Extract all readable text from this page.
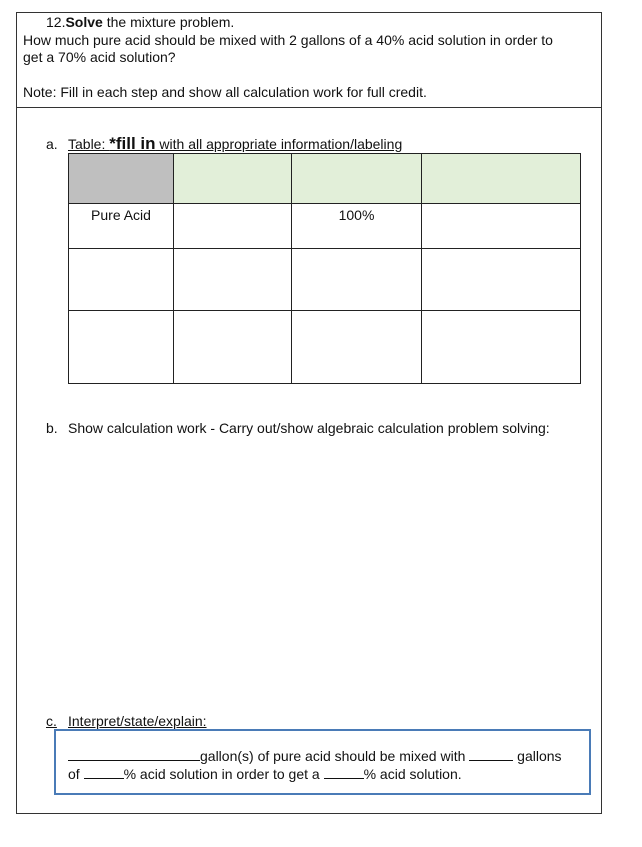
12.Solve the mixture problem.
How much pure acid should be mixed with 2 gallons of a 40% acid solution in order to
get a 70% acid solution?
Note: Fill in each step and show all calculation work for full credit.
a. Table: *fill in with all appropriate information/labeling

Pure Acid		100%	

b. Show calculation work - Carry out/show algebraic calculation problem solving:
c. Interpret/state/explain:
gallon(s) of pure acid should be mixed with	gallons
of	% acid solution in order to get a	% acid solution.
